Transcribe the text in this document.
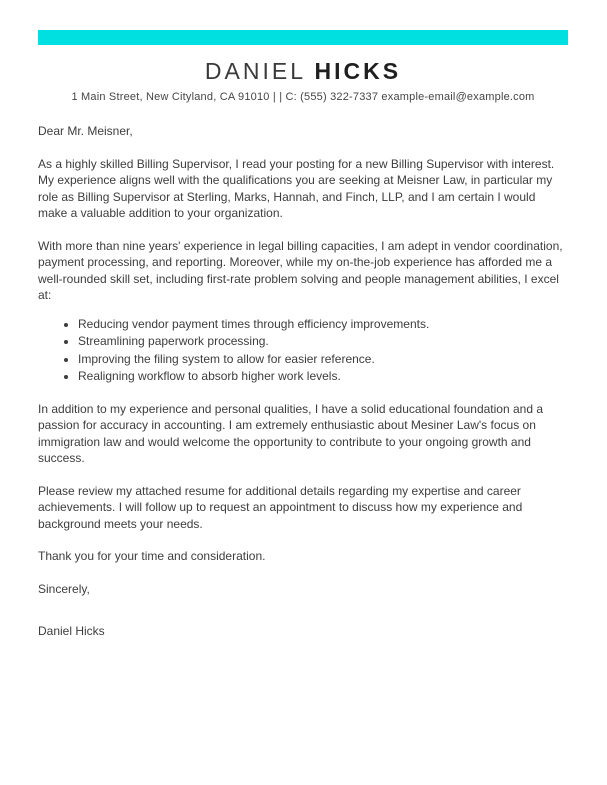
DANIEL HICKS
1 Main Street, New Cityland, CA 91010 | | C: (555) 322-7337 example-email@example.com
Dear Mr. Meisner,

As a highly skilled Billing Supervisor, I read your posting for a new Billing Supervisor with interest. My experience aligns well with the qualifications you are seeking at Meisner Law, in particular my role as Billing Supervisor at Sterling, Marks, Hannah, and Finch, LLP, and I am certain I would make a valuable addition to your organization.

With more than nine years' experience in legal billing capacities, I am adept in vendor coordination, payment processing, and reporting. Moreover, while my on-the-job experience has afforded me a well-rounded skill set, including first-rate problem solving and people management abilities, I excel at:

• Reducing vendor payment times through efficiency improvements.
• Streamlining paperwork processing.
• Improving the filing system to allow for easier reference.
• Realigning workflow to absorb higher work levels.

In addition to my experience and personal qualities, I have a solid educational foundation and a passion for accuracy in accounting. I am extremely enthusiastic about Mesiner Law's focus on immigration law and would welcome the opportunity to contribute to your ongoing growth and success.

Please review my attached resume for additional details regarding my expertise and career achievements. I will follow up to request an appointment to discuss how my experience and background meets your needs.

Thank you for your time and consideration.

Sincerely,
Daniel Hicks
